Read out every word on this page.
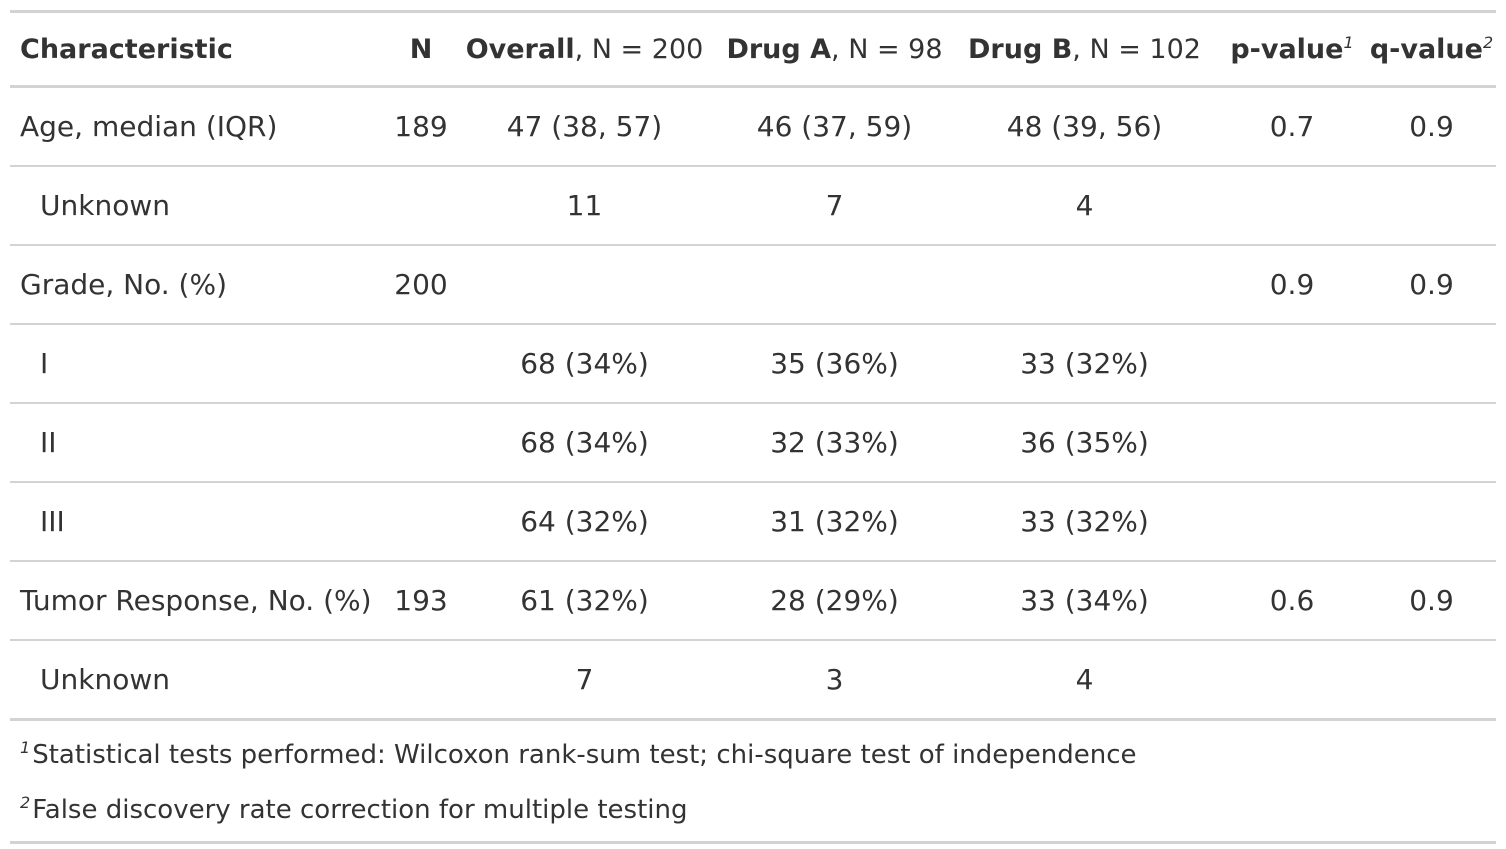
Characteristic	N	Overall, N = 200	Drug A, N = 98	Drug B, N = 102	p-value$^1$	q-value$^2$
Age, median (IQR)	189	47 (38, 57)	46 (37, 59)	48 (39, 56)	0.7	0.9
Unknown		11	7	4		
Grade, No. (%)	200				0.9	0.9
I		68 (34%)	35 (36%)	33 (32%)		
II		68 (34%)	32 (33%)	36 (35%)		
III		64 (32%)	31 (32%)	33 (32%)		
Tumor Response, No. (%)	193	61 (32%)	28 (29%)	33 (34%)	0.6	0.9
Unknown		7	3	4		
$^1$Statistical tests performed: Wilcoxon rank-sum test; chi-square test of independence						
$^2$False discovery rate correction for multiple testing						
